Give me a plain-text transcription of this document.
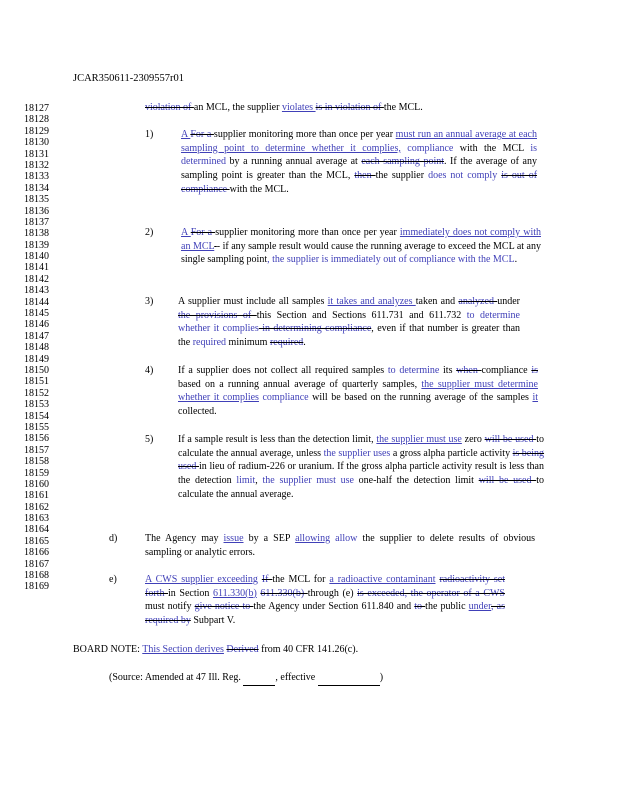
JCAR350611-2309557r01
18127
18128
18129
18130
18131
18132
18133
18134
18135
18136
18137
18138
18139
18140
18141
18142
18143
18144
18145
18146
18147
18148
18149
18150
18151
18152
18153
18154
18155
18156
18157
18158
18159
18160
18161
18162
18163
18164
18165
18166
18167
18168
18169
violation of an MCL, the supplier violates is in violation of the MCL.
1)	A For a supplier monitoring more than once per year must run an annual average at each sampling point to determine whether it complies, compliance with the MCL is determined by a running annual average at each sampling point. If the average of any sampling point is greater than the MCL, then the supplier does not comply is out of compliance with the MCL.
2)	A For a supplier monitoring more than once per year immediately does not comply with an MCL - if any sample result would cause the running average to exceed the MCL at any single sampling point, the supplier is immediately out of compliance with the MCL.
3) A supplier must include all samples it takes and analyzes taken and analyzed under the provisions of this Section and Sections 611.731 and 611.732 to determine whether it complies in determining compliance, even if that number is greater than the required minimum required.
4) If a supplier does not collect all required samples to determine its when compliance is based on a running annual average of quarterly samples, the supplier must determine whether it complies compliance will be based on the running average of the samples it collected.
5) If a sample result is less than the detection limit, the supplier must use zero will be used to calculate the annual average, unless the supplier uses a gross alpha particle activity is being used in lieu of radium-226 or uranium. If the gross alpha particle activity result is less than the detection limit, the supplier must use one-half the detection limit will be used to calculate the annual average.
d)	The Agency may issue by a SEP allowing allow the supplier to delete results of obvious sampling or analytic errors.
e)	A CWS supplier exceeding If the MCL for a radioactive contaminant radioactivity set forth in Section 611.330(b) 611.330(b) through (e) is exceeded, the operator of a CWS must notify give notice to the Agency under Section 611.840 and to the public under, as required by Subpart V.
BOARD NOTE: This Section derives Derived from 40 CFR 141.26(c).
(Source: Amended at 47 Ill. Reg.	, effective	)
